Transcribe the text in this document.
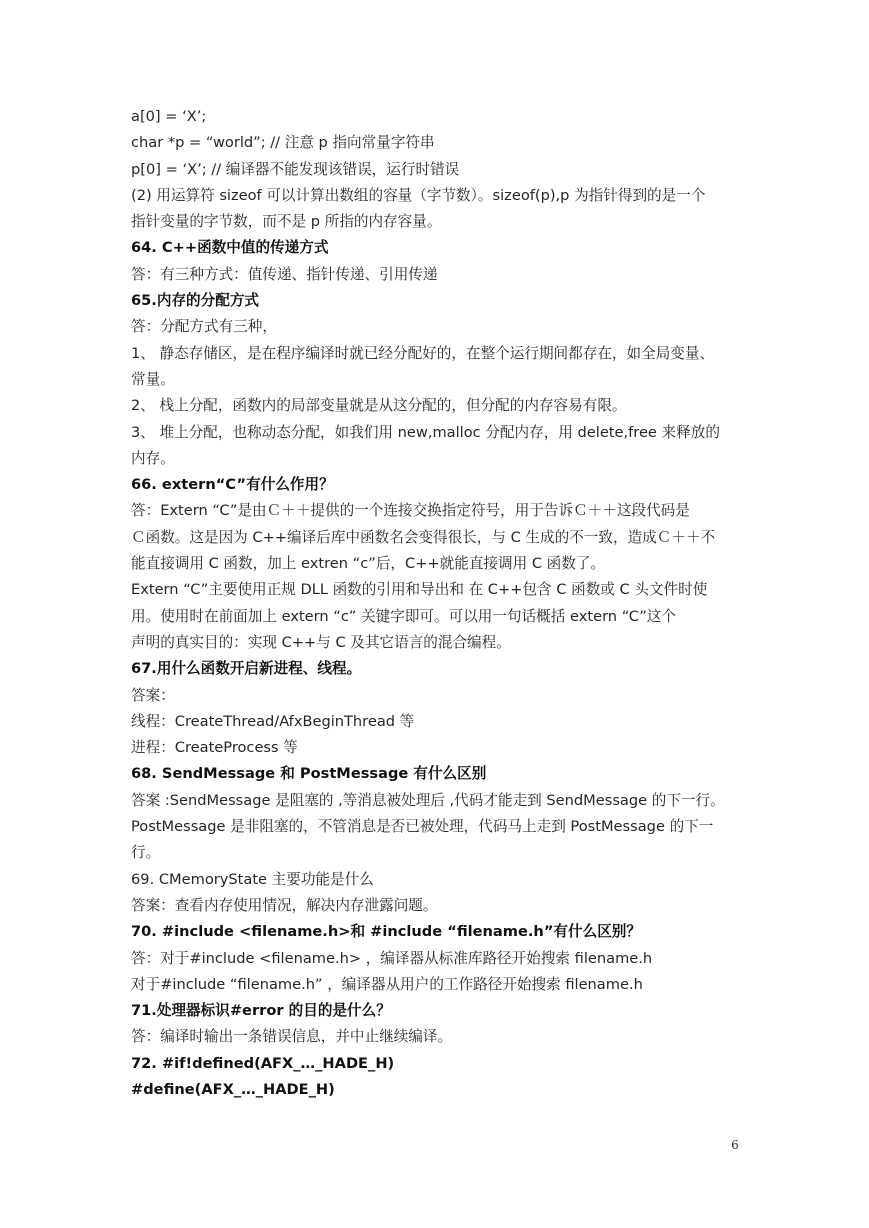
a[0] = ‘X’;
char *p = “world”; // 注意 p 指向常量字符串
p[0] = ‘X’; // 编译器不能发现该错误，运行时错误
(2) 用运算符 sizeof 可以计算出数组的容量（字节数）。sizeof(p),p 为指针得到的是一个
指针变量的字节数，而不是 p 所指的内存容量。
64. C++函数中值的传递方式
答：有三种方式：值传递、指针传递、引用传递
65.内存的分配方式
答：分配方式有三种，
1、 静态存储区，是在程序编译时就已经分配好的，在整个运行期间都存在，如全局变量、
常量。
2、 栈上分配，函数内的局部变量就是从这分配的，但分配的内存容易有限。
3、 堆上分配，也称动态分配，如我们用 new,malloc 分配内存，用 delete,free 来释放的
内存。
66. extern“C”有什么作用？
答：Extern “C”是由Ｃ＋＋提供的一个连接交换指定符号，用于告诉Ｃ＋＋这段代码是
Ｃ函数。这是因为 C++编译后库中函数名会变得很长，与 C 生成的不一致，造成Ｃ＋＋不
能直接调用 C 函数，加上 extren “c”后，C++就能直接调用 C 函数了。
Extern “C”主要使用正规 DLL 函数的引用和导出和 在 C++包含 C 函数或 C 头文件时使
用。使用时在前面加上 extern “c” 关键字即可。可以用一句话概括 extern “C”这个
声明的真实目的：实现 C++与 C 及其它语言的混合编程。
67.用什么函数开启新进程、线程。
答案：
线程：CreateThread/AfxBeginThread 等
进程：CreateProcess 等
68. SendMessage 和 PostMessage 有什么区别
答案 :SendMessage 是阻塞的 ,等消息被处理后 ,代码才能走到 SendMessage 的下一行。
PostMessage 是非阻塞的，不管消息是否已被处理，代码马上走到 PostMessage 的下一
行。
69. CMemoryState 主要功能是什么
答案：查看内存使用情况，解决内存泄露问题。
70. #include <filename.h>和 #include “filename.h”有什么区别？
答：对于#include <filename.h> ，编译器从标准库路径开始搜索 filename.h
对于#include “filename.h” ，编译器从用户的工作路径开始搜索 filename.h
71.处理器标识#error 的目的是什么？
答：编译时输出一条错误信息，并中止继续编译。
72. #if!defined(AFX_…_HADE_H)
#define(AFX_…_HADE_H)
6
